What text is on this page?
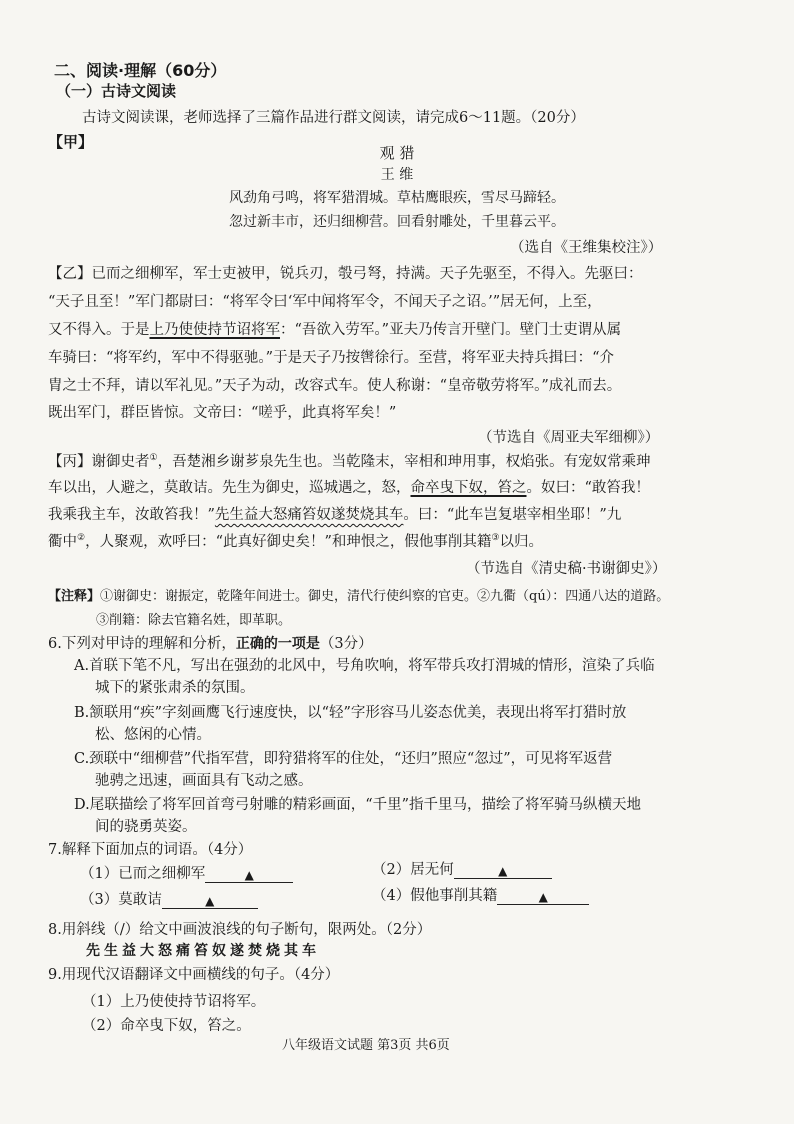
二、阅读·理解（60分）
（一）古诗文阅读
古诗文阅读课，老师选择了三篇作品进行群文阅读，请完成6～11题。（20分）
【甲】
观 猎
王 维
风劲角弓鸣，将军猎渭城。草枯鹰眼疾，雪尽马蹄轻。
忽过新丰市，还归细柳营。回看射雕处，千里暮云平。
（选自《王维集校注》）
【乙】已而之细柳军，军士吏被甲，锐兵刃，彀弓弩，持满。天子先驱至，不得入。先驱曰：
“天子且至！”军门都尉曰：“将军令曰‘军中闻将军令，不闻天子之诏。’”居无何，上至，
又不得入。于是上乃使使持节诏将军：“吾欲入劳军。”亚夫乃传言开壁门。壁门士吏谓从属
车骑曰：“将军约，军中不得驱驰。”于是天子乃按辔徐行。至营，将军亚夫持兵揖曰：“介
胄之士不拜，请以军礼见。”天子为动，改容式车。使人称谢：“皇帝敬劳将军。”成礼而去。
既出军门，群臣皆惊。文帝曰：“嗟乎，此真将军矣！”
（节选自《周亚夫军细柳》）
【丙】谢御史者①，吾楚湘乡谢芗泉先生也。当乾隆末，宰相和珅用事，权焰张。有宠奴常乘珅
车以出，人避之，莫敢诘。先生为御史，巡城遇之，怒，命卒曳下奴，笞之。奴曰：“敢笞我！
我乘我主车，汝敢笞我！”先生益大怒痛笞奴遂焚烧其车。曰：“此车岂复堪宰相坐耶！”九
衢中②，人聚观，欢呼曰：“此真好御史矣！”和珅恨之，假他事削其籍③以归。
（节选自《清史稿·书谢御史》）
【注释】①谢御史：谢振定，乾隆年间进士。御史，清代行使纠察的官吏。②九衢（qú）：四通八达的道路。
③削籍：除去官籍名姓，即革职。
6.下列对甲诗的理解和分析，正确的一项是（3分）
A.首联下笔不凡，写出在强劲的北风中，号角吹响，将军带兵攻打渭城的情形，渲染了兵临
城下的紧张肃杀的氛围。
B.颔联用“疾”字刻画鹰飞行速度快，以“轻”字形容马儿姿态优美，表现出将军打猎时放
松、悠闲的心情。
C.颈联中“细柳营”代指军营，即狩猎将军的住处，“还归”照应“忽过”，可见将军返营
驰骋之迅速，画面具有飞动之感。
D.尾联描绘了将军回首弯弓射雕的精彩画面，“千里”指千里马，描绘了将军骑马纵横天地
间的骁勇英姿。
7.解释下面加点的词语。（4分）
（1）已而之细柳军	▲	（2）居无何	▲
（3）莫敢诘	▲	（4）假他事削其籍	▲
8.用斜线（/）给文中画波浪线的句子断句，限两处。（2分）
先生益大怒痛笞奴遂焚烧其车
9.用现代汉语翻译文中画横线的句子。（4分）
（1）上乃使使持节诏将军。
（2）命卒曳下奴，笞之。
八年级语文试题 第3页 共6页
